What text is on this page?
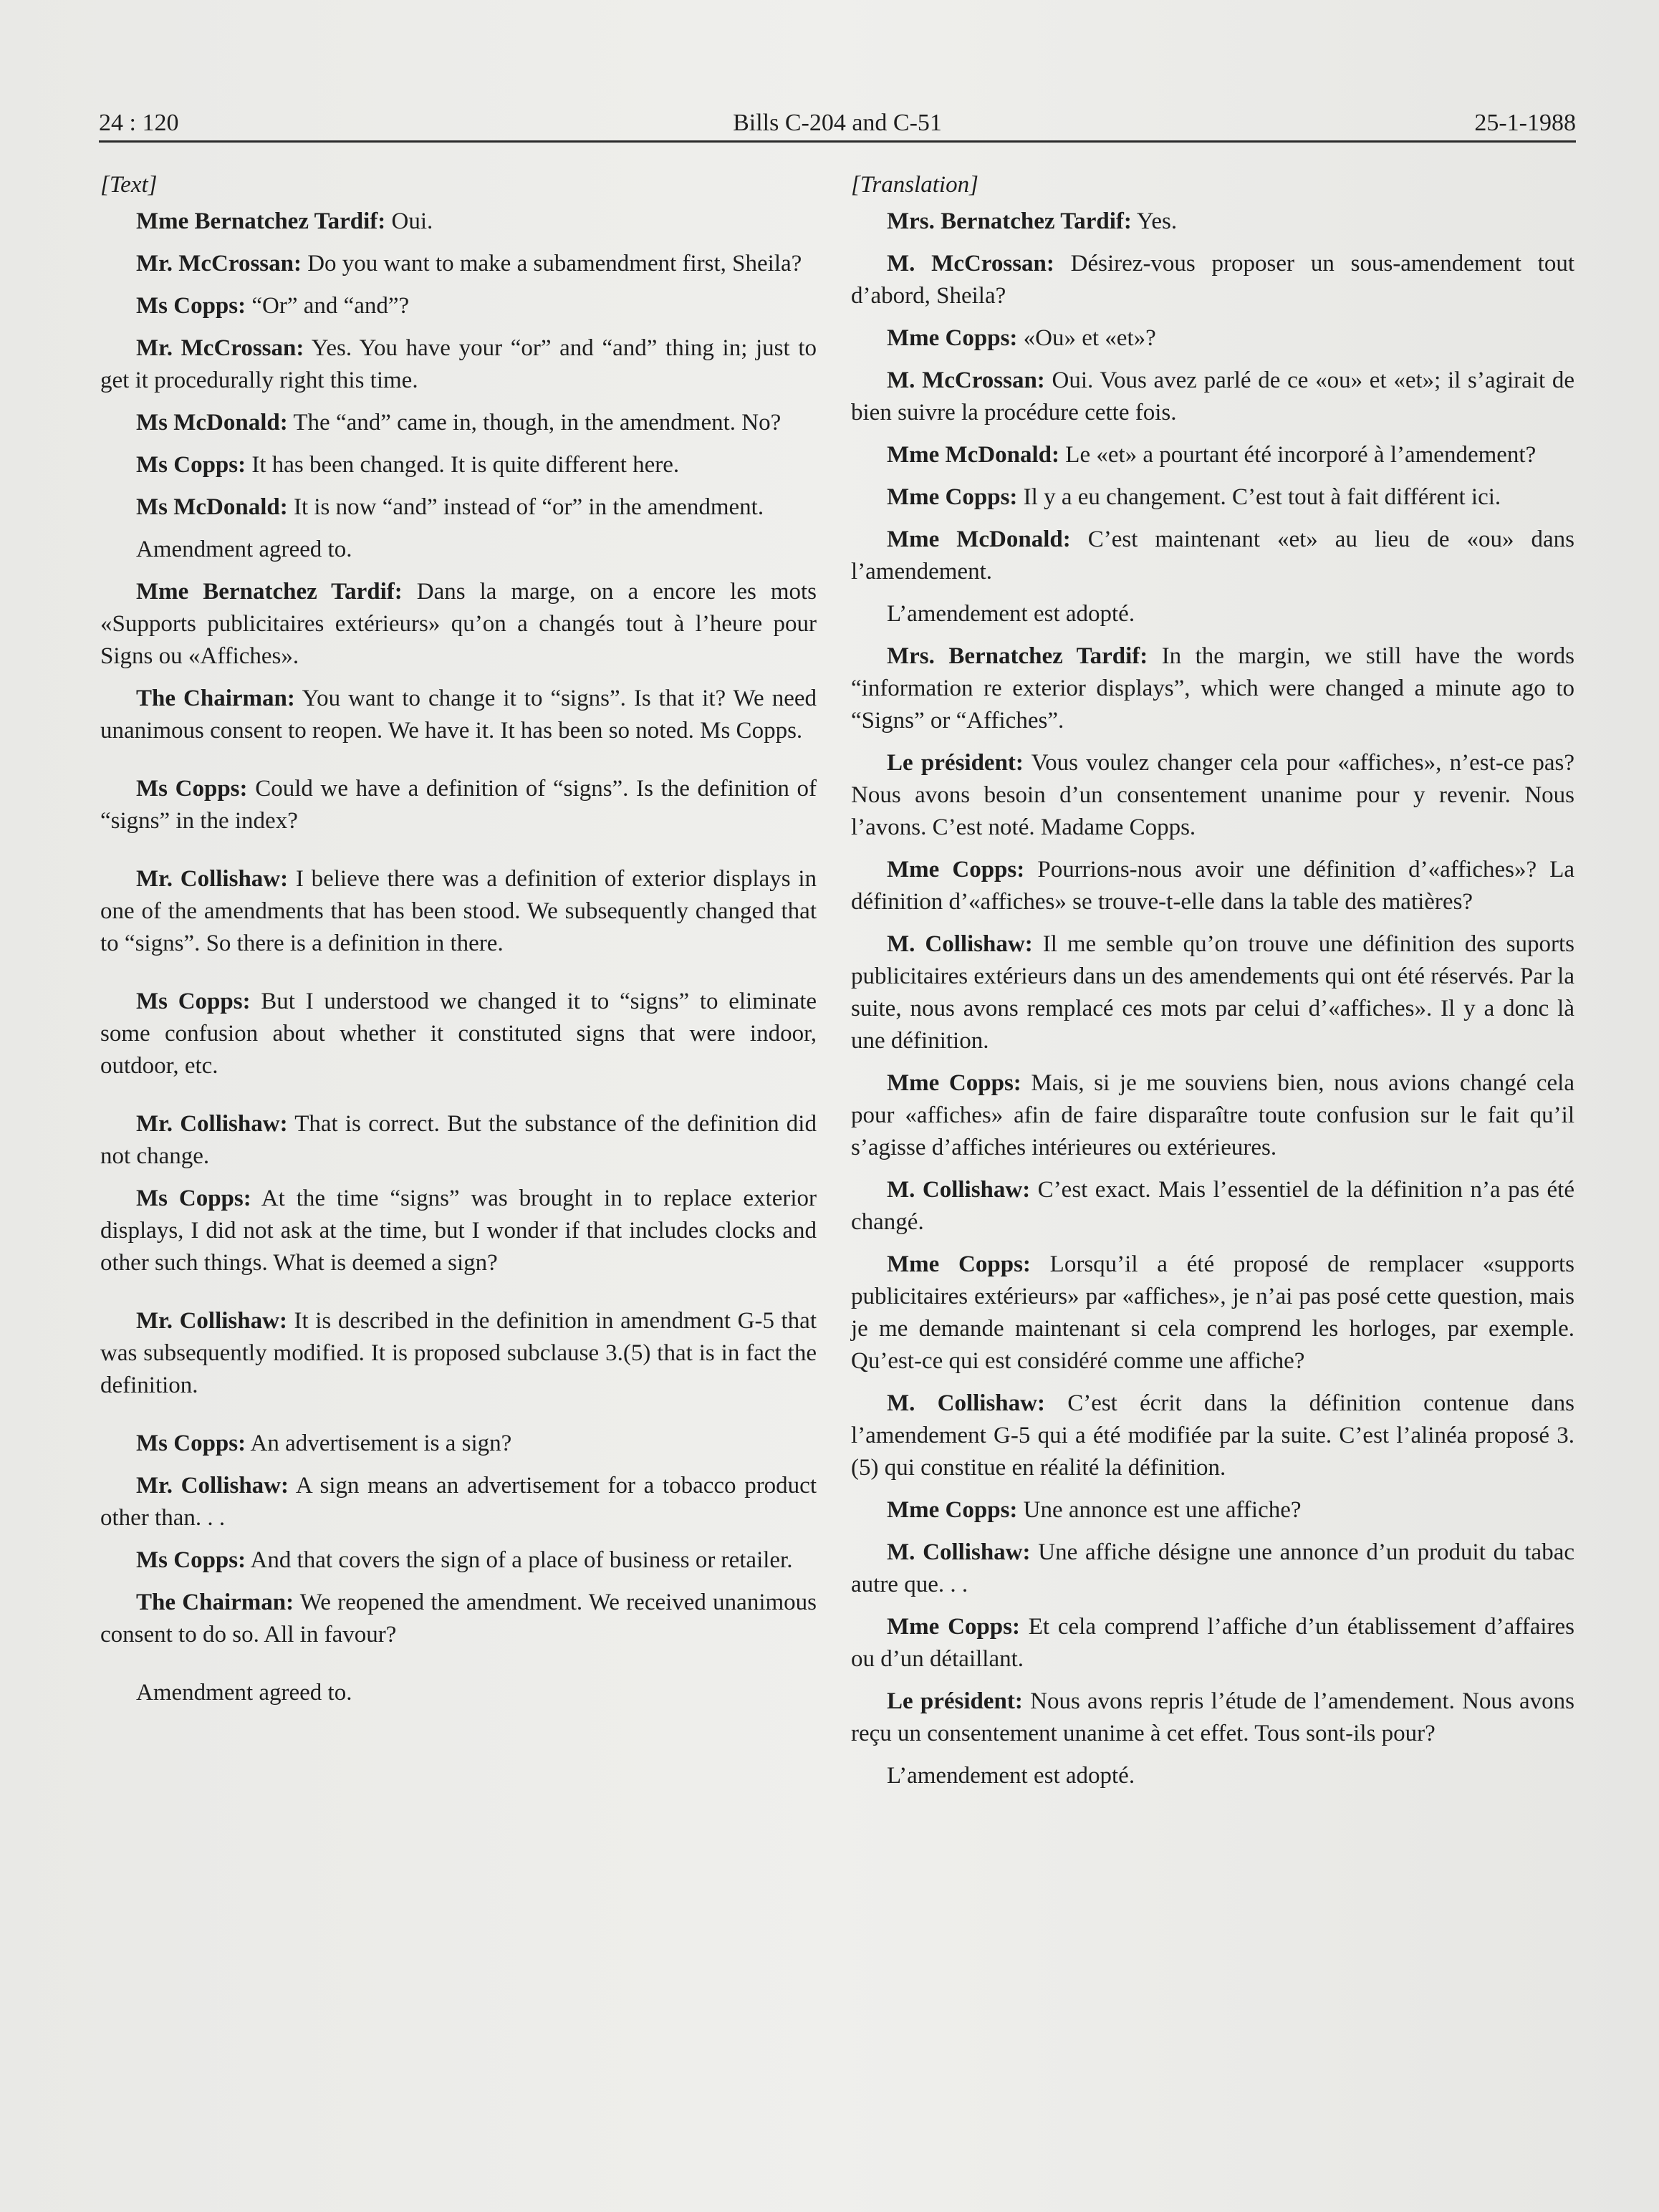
24 : 120	Bills C-204 and C-51	25-1-1988
[Text]
Mme Bernatchez Tardif: Oui.
Mr. McCrossan: Do you want to make a subamendment first, Sheila?
Ms Copps: “Or” and “and”?
Mr. McCrossan: Yes. You have your “or” and “and” thing in; just to get it procedurally right this time.
Ms McDonald: The “and” came in, though, in the amendment. No?
Ms Copps: It has been changed. It is quite different here.
Ms McDonald: It is now “and” instead of “or” in the amendment.
Amendment agreed to.
Mme Bernatchez Tardif: Dans la marge, on a encore les mots «Supports publicitaires extérieurs» qu’on a changés tout à l’heure pour Signs ou «Affiches».
The Chairman: You want to change it to “signs”. Is that it? We need unanimous consent to reopen. We have it. It has been so noted. Ms Copps.
Ms Copps: Could we have a definition of “signs”. Is the definition of “signs” in the index?
Mr. Collishaw: I believe there was a definition of exterior displays in one of the amendments that has been stood. We subsequently changed that to “signs”. So there is a definition in there.
Ms Copps: But I understood we changed it to “signs” to eliminate some confusion about whether it constituted signs that were indoor, outdoor, etc.
Mr. Collishaw: That is correct. But the substance of the definition did not change.
Ms Copps: At the time “signs” was brought in to replace exterior displays, I did not ask at the time, but I wonder if that includes clocks and other such things. What is deemed a sign?
Mr. Collishaw: It is described in the definition in amendment G-5 that was subsequently modified. It is proposed subclause 3.(5) that is in fact the definition.
Ms Copps: An advertisement is a sign?
Mr. Collishaw: A sign means an advertisement for a tobacco product other than. . .
Ms Copps: And that covers the sign of a place of business or retailer.
The Chairman: We reopened the amendment. We received unanimous consent to do so. All in favour?
Amendment agreed to.
[Translation]
Mrs. Bernatchez Tardif: Yes.
M. McCrossan: Désirez-vous proposer un sous-amendement tout d’abord, Sheila?
Mme Copps: «Ou» et «et»?
M. McCrossan: Oui. Vous avez parlé de ce «ou» et «et»; il s’agirait de bien suivre la procédure cette fois.
Mme McDonald: Le «et» a pourtant été incorporé à l’amendement?
Mme Copps: Il y a eu changement. C’est tout à fait différent ici.
Mme McDonald: C’est maintenant «et» au lieu de «ou» dans l’amendement.
L’amendement est adopté.
Mrs. Bernatchez Tardif: In the margin, we still have the words “information re exterior displays”, which were changed a minute ago to “Signs” or “Affiches”.
Le président: Vous voulez changer cela pour «affiches», n’est-ce pas? Nous avons besoin d’un consentement unanime pour y revenir. Nous l’avons. C’est noté. Madame Copps.
Mme Copps: Pourrions-nous avoir une définition d’«affiches»? La définition d’«affiches» se trouve-t-elle dans la table des matières?
M. Collishaw: Il me semble qu’on trouve une définition des suports publicitaires extérieurs dans un des amendements qui ont été réservés. Par la suite, nous avons remplacé ces mots par celui d’«affiches». Il y a donc là une définition.
Mme Copps: Mais, si je me souviens bien, nous avions changé cela pour «affiches» afin de faire disparaître toute confusion sur le fait qu’il s’agisse d’affiches intérieures ou extérieures.
M. Collishaw: C’est exact. Mais l’essentiel de la définition n’a pas été changé.
Mme Copps: Lorsqu’il a été proposé de remplacer «supports publicitaires extérieurs» par «affiches», je n’ai pas posé cette question, mais je me demande maintenant si cela comprend les horloges, par exemple. Qu’est-ce qui est considéré comme une affiche?
M. Collishaw: C’est écrit dans la définition contenue dans l’amendement G-5 qui a été modifiée par la suite. C’est l’alinéa proposé 3.(5) qui constitue en réalité la définition.
Mme Copps: Une annonce est une affiche?
M. Collishaw: Une affiche désigne une annonce d’un produit du tabac autre que. . .
Mme Copps: Et cela comprend l’affiche d’un établissement d’affaires ou d’un détaillant.
Le président: Nous avons repris l’étude de l’amendement. Nous avons reçu un consentement unanime à cet effet. Tous sont-ils pour?
L’amendement est adopté.
